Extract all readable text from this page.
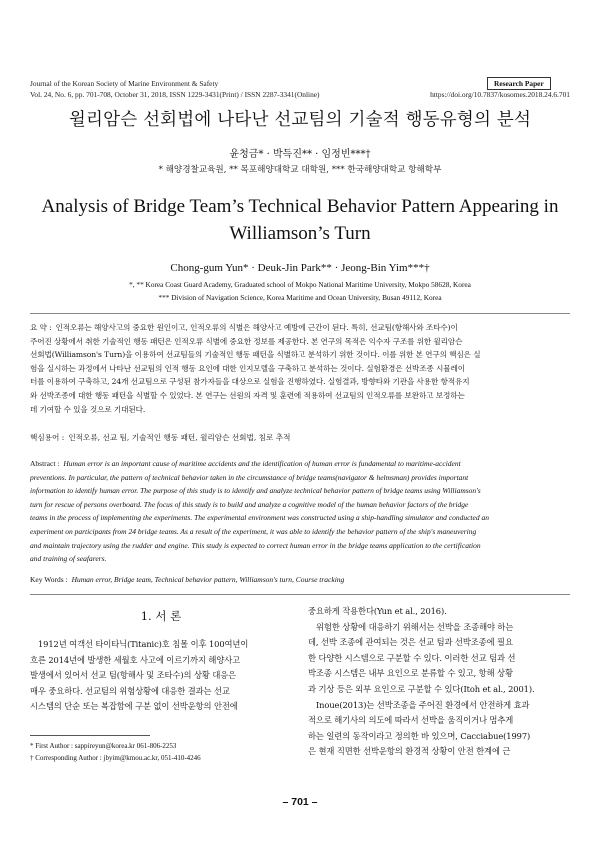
Journal of the Korean Society of Marine Environment & Safety
Vol. 24, No. 6, pp. 701-708, October 31, 2018, ISSN 1229-3431(Print) / ISSN 2287-3341(Online)
Research Paper
https://doi.org/10.7837/kosomes.2018.24.6.701
윌리암슨 선회법에 나타난 선교팀의 기술적 행동유형의 분석
윤청금* · 박득진** · 임정빈***†
* 해양경찰교육원, ** 목포해양대학교 대학원, *** 한국해양대학교 항해학부
Analysis of Bridge Team’s Technical Behavior Pattern Appearing in
Williamson’s Turn
Chong-gum Yun* · Deuk-Jin Park** · Jeong-Bin Yim***†
*, ** Korea Coast Guard Academy, Graduated school of Mokpo National Maritime University, Mokpo 58628, Korea
*** Division of Navigation Science, Korea Maritime and Ocean University, Busan 49112, Korea
요 약 : 인적오류는 해양사고의 중요한 원인이고, 인적오류의 식별은 해양사고 예방에 근간이 된다. 특히, 선교팀(항해사와 조타수)이
주어진 상황에서 취한 기술적인 행동 패턴은 인적오류 식별에 중요한 정보를 제공한다. 본 연구의 목적은 익수자 구조를 위한 윌리암슨
선회법(Williamson's Turn)을 이용하여 선교팀들의 기술적인 행동 패턴을 식별하고 분석하기 위한 것이다. 이를 위한 본 연구의 핵심은 실
험을 실시하는 과정에서 나타난 선교팀의 인적 행동 요인에 대한 인지모델을 구축하고 분석하는 것이다. 실험환경은 선박조종 시뮬레이
터를 이용하여 구축하고, 24개 선교팀으로 구성된 참가자들을 대상으로 실험을 진행하였다. 실험결과, 방향타와 기관을 사용한 항적유지
와 선박조종에 대한 행동 패턴을 식별할 수 있었다. 본 연구는 선원의 자격 및 훈련에 적용하여 선교팀의 인적오류를 보완하고 보정하는
데 기여할 수 있을 것으로 기대된다.
핵심용어 : 인적오류, 선교 팀, 기술적인 행동 패턴, 윌리암슨 선회법, 침로 추적
Abstract : Human error is an important cause of maritime accidents and the identification of human error is fundamental to maritime-accident
preventions. In particular, the pattern of technical behavior taken in the circumstance of bridge teams(navigator & helmsman) provides important
information to identify human error. The purpose of this study is to identify and analyze technical behavior pattern of bridge teams using Williamson's
turn for rescue of persons overboard. The focus of this study is to build and analyze a cognitive model of the human behavior factors of the bridge
teams in the process of implementing the experiments. The experimental environment was constructed using a ship-handling simulator and conducted an
experiment on participants from 24 bridge teams. As a result of the experiment, it was able to identify the behavior pattern of the ship's maneuvering
and maintain trajectory using the rudder and engine. This study is expected to correct human error in the bridge teams application to the certification
and training of seafarers.
Key Words : Human error, Bridge team, Technical behavior pattern, Williamson's turn, Course tracking
1. 서 론
1912년 여객선 타이타닉(Titanic)호 침몰 이후 100여년이
흐른 2014년에 발생한 세월호 사고에 이르기까지 해양사고
발생에서 있어서 선교 팀(항해사 및 조타수)의 상황 대응은
매우 중요하다. 선교팀의 위험상황에 대응한 결과는 선교
시스템의 단순 또는 복잡함에 구분 없이 선박운항의 안전에
* First Author : sappireyun@korea.kr 061-806-2253
† Corresponding Author : jbyim@kmou.ac.kr, 051-410-4246
중요하게 작용한다(Yun et al., 2016).
위험한 상황에 대응하기 위해서는 선박을 조종해야 하는
데, 선박 조종에 관여되는 것은 선교 팀과 선박조종에 필요
한 다양한 시스템으로 구분할 수 있다. 이러한 선교 팀과 선
박조종 시스템은 내부 요인으로 분류할 수 있고, 항해 상황
과 기상 등은 외부 요인으로 구분할 수 있다(Itoh et al., 2001).
Inoue(2013)는 선박조종을 주어진 환경에서 안전하게 효과
적으로 해기사의 의도에 따라서 선박을 움직이거나 멈추게
하는 일련의 동작이라고 정의한 바 있으며, Cacciabue(1997)
은 현재 직면한 선박운항의 환경적 상황이 안전 한계에 근
– 701 –
